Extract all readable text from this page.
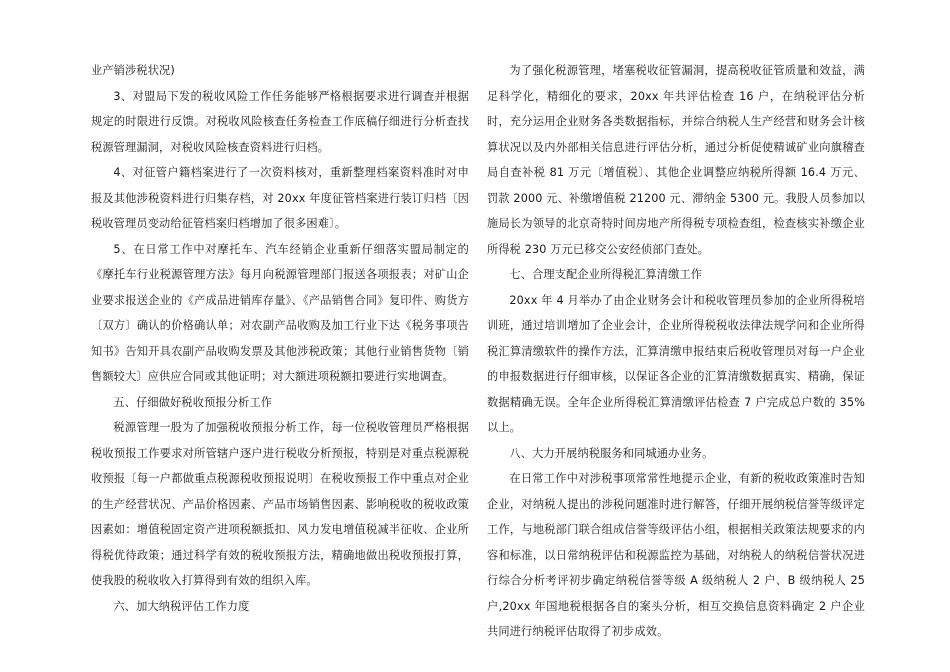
业产销涉税状况)

3、对盟局下发的税收风险工作任务能够严格根据要求进行调查并根据规定的时限进行反馈。对税收风险核查任务检查工作底稿仔细进行分析查找税源管理漏洞，对税收风险核查资料进行归档。

4、对征管户籍档案进行了一次资料核对，重新整理档案资料准时对申报及其他涉税资料进行归集存档，对 20xx 年度征管档案进行装订归档〔因税收管理员变动给征管档案归档增加了很多困难〕。

5、在日常工作中对摩托车、汽车经销企业重新仔细落实盟局制定的《摩托车行业税源管理方法》每月向税源管理部门报送各项报表；对矿山企业要求报送企业的《产成品进销库存量》、《产品销售合同》复印件、购货方〔双方〕确认的价格确认单；对农副产品收购及加工行业下达《税务事项告知书》告知开具农副产品收购发票及其他涉税政策；其他行业销售货物〔销售额较大〕应供应合同或其他证明；对大额进项税额扣要进行实地调查。

五、仔细做好税收预报分析工作

税源管理一股为了加强税收预报分析工作，每一位税收管理员严格根据税收预报工作要求对所管辖户逐户进行税收分析预报，特别是对重点税源税收预报〔每一户都做重点税源税收预报说明〕在税收预报工作中重点对企业的生产经营状况、产品价格因素、产品市场销售因素、影响税收的税收政策因素如：增值税固定资产进项税额抵扣、风力发电增值税减半征收、企业所得税优待政策；通过科学有效的税收预报方法，精确地做出税收预报打算，使我股的税收收入打算得到有效的组织入库。

六、加大纳税评估工作力度

为了强化税源管理，堵塞税收征管漏洞，提高税收征管质量和效益，满足科学化，精细化的要求，20xx 年共评估检查 16 户，在纳税评估分析时，充分运用企业财务各类数据指标，并综合纳税人生产经营和财务会计核算状况以及内外部相关信息进行评估分析，通过分析促使精诚矿业向旗稽查局自查补税 81 万元〔增值税〕、其他企业调整应纳税所得额 16.4 万元、罚款 2000 元、补缴增值税 21200 元、滞纳金 5300 元。我股人员参加以施局长为领导的北京奇特时间房地产所得税专项检查组，检查核实补缴企业所得税 230 万元已移交公安经侦部门查处。

七、合理支配企业所得税汇算清缴工作

20xx 年 4 月举办了由企业财务会计和税收管理员参加的企业所得税培训班，通过培训增加了企业会计，企业所得税税收法律法规学问和企业所得税汇算清缴软件的操作方法，汇算清缴申报结束后税收管理员对每一户企业的申报数据进行仔细审核，以保证各企业的汇算清缴数据真实、精确，保证数据精确无误。全年企业所得税汇算清缴评估检查 7 户完成总户数的 35%以上。

八、大力开展纳税服务和同城通办业务。

在日常工作中对涉税事项常常性地提示企业，有新的税收政策准时告知企业，对纳税人提出的涉税问题准时进行解答，仔细开展纳税信誉等级评定工作，与地税部门联合组成信誉等级评估小组，根据相关政策法规要求的内容和标准，以日常纳税评估和税源监控为基础，对纳税人的纳税信誉状况进行综合分析考评初步确定纳税信誉等级 A 级纳税人 2 户、B 级纳税人 25 户,20xx 年国地税根据各自的案头分析，相互交换信息资料确定 2 户企业共同进行纳税评估取得了初步成效。
